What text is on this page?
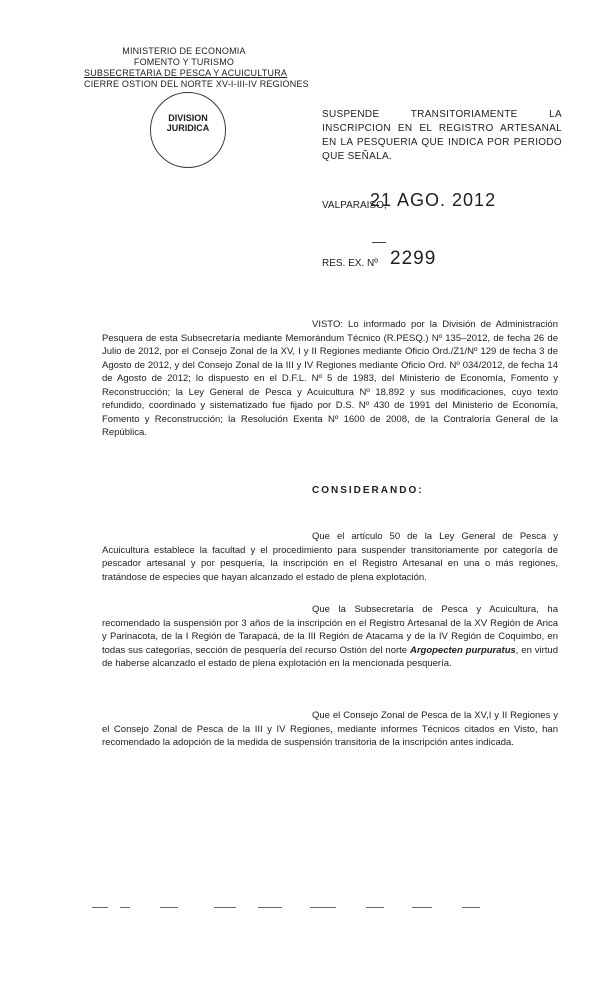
MINISTERIO DE ECONOMIA
FOMENTO Y TURISMO
SUBSECRETARIA DE PESCA Y ACUICULTURA
CIERRE OSTION DEL NORTE XV-I-III-IV REGIONES
DIVISION
JURIDICA
SUSPENDE TRANSITORIAMENTE LA INSCRIPCION EN EL REGISTRO ARTESANAL EN LA PESQUERIA QUE INDICA POR PERIODO QUE SEÑALA.
VALPARAISO,
21 AGO. 2012
RES. EX. Nº 2299
VISTO: Lo informado por la División de Administración Pesquera de esta Subsecretaría mediante Memorándum Técnico (R.PESQ.) Nº 135–2012, de fecha 26 de Julio de 2012, por el Consejo Zonal de la XV, I y II Regiones mediante Oficio Ord./Z1/Nº 129 de fecha 3 de Agosto de 2012, y del Consejo Zonal de la III y IV Regiones mediante Oficio Ord. Nº 034/2012, de fecha 14 de Agosto de 2012; lo dispuesto en el D.F.L. Nº 5 de 1983, del Ministerio de Economía, Fomento y Reconstrucción; la Ley General de Pesca y Acuicultura Nº 18.892 y sus modificaciones, cuyo texto refundido, coordinado y sistematizado fue fijado por D.S. Nº 430 de 1991 del Ministerio de Economía, Fomento y Reconstrucción; la Resolución Exenta Nº 1600 de 2008, de la Contraloría General de la República.
CONSIDERANDO:
Que el artículo 50 de la Ley General de Pesca y Acuicultura establece la facultad y el procedimiento para suspender transitoriamente por categoría de pescador artesanal y por pesquería, la inscripción en el Registro Artesanal en una o más regiones, tratándose de especies que hayan alcanzado el estado de plena explotación.
Que la Subsecretaría de Pesca y Acuicultura, ha recomendado la suspensión por 3 años de la inscripción en el Registro Artesanal de la XV Región de Arica y Parinacota, de la I Región de Tarapacá, de la III Región de Atacama y de la IV Región de Coquimbo, en todas sus categorías, sección de pesquería del recurso Ostión del norte Argopecten purpuratus, en virtud de haberse alcanzado el estado de plena explotación en la mencionada pesquería.
Que el Consejo Zonal de Pesca de la XV,I y II Regiones y el Consejo Zonal de Pesca de la III y IV Regiones, mediante informes Técnicos citados en Visto, han recomendado la adopción de la medida de suspensión transitoria de la inscripción antes indicada.
